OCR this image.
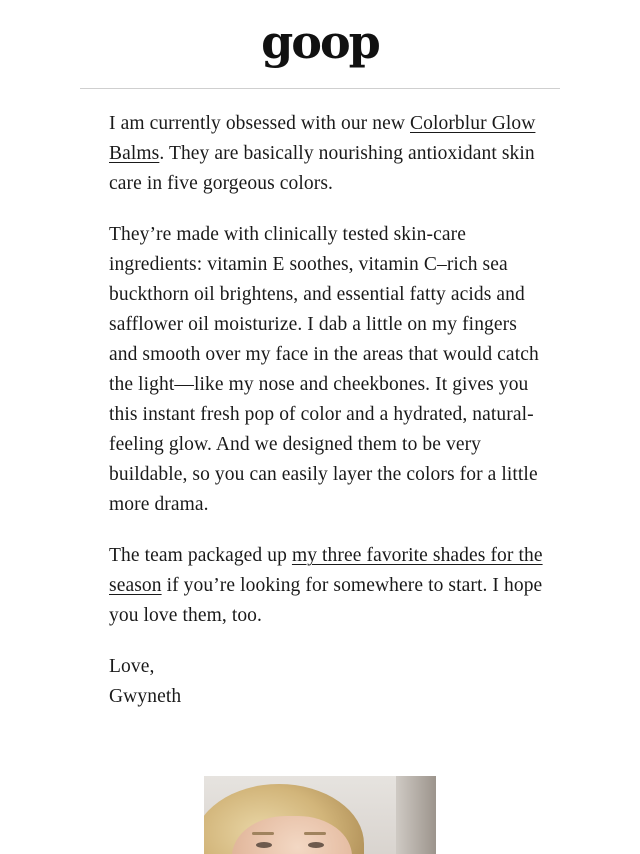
goop

I am currently obsessed with our new Colorblur Glow Balms. They are basically nourishing antioxidant skin care in five gorgeous colors.

They’re made with clinically tested skin-care ingredients: vitamin E soothes, vitamin C–rich sea buckthorn oil brightens, and essential fatty acids and safflower oil moisturize. I dab a little on my fingers and smooth over my face in the areas that would catch the light—like my nose and cheekbones. It gives you this instant fresh pop of color and a hydrated, natural-feeling glow. And we designed them to be very buildable, so you can easily layer the colors for a little more drama.

The team packaged up my three favorite shades for the season if you’re looking for somewhere to start. I hope you love them, too.

Love,
Gwyneth
